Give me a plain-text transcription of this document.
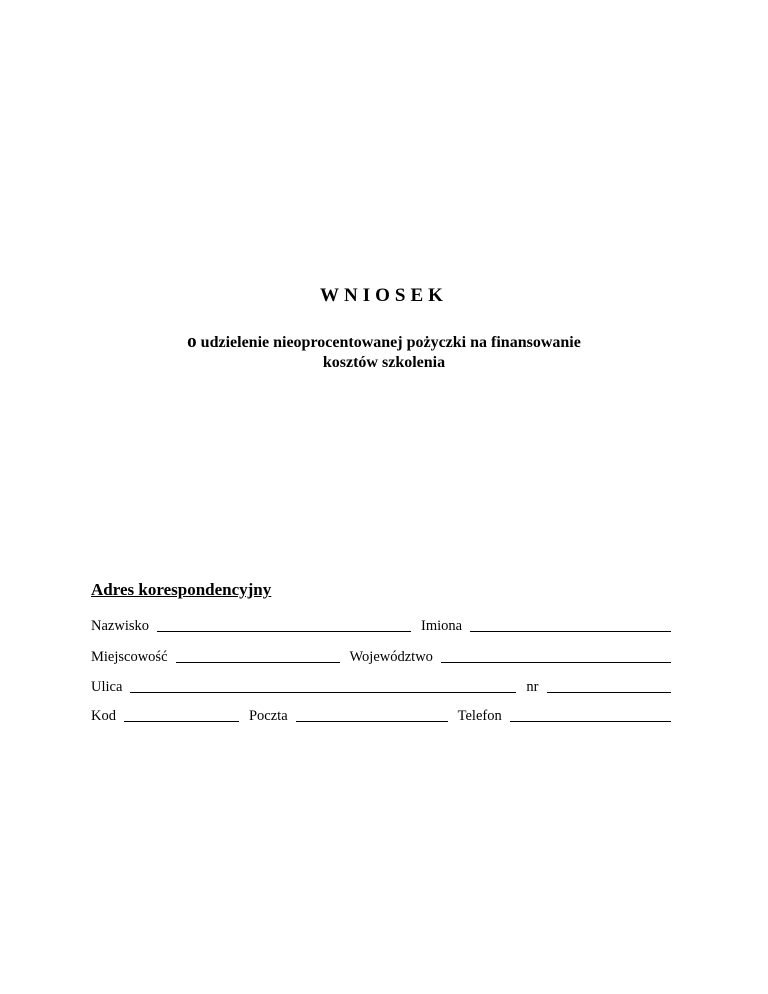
WNIOSEK
o udzielenie nieoprocentowanej pożyczki na finansowanie
kosztów szkolenia
Adres korespondencyjny
Nazwisko	Imiona
Miejscowość	Województwo
Ulica	nr
Kod	Poczta	Telefon
